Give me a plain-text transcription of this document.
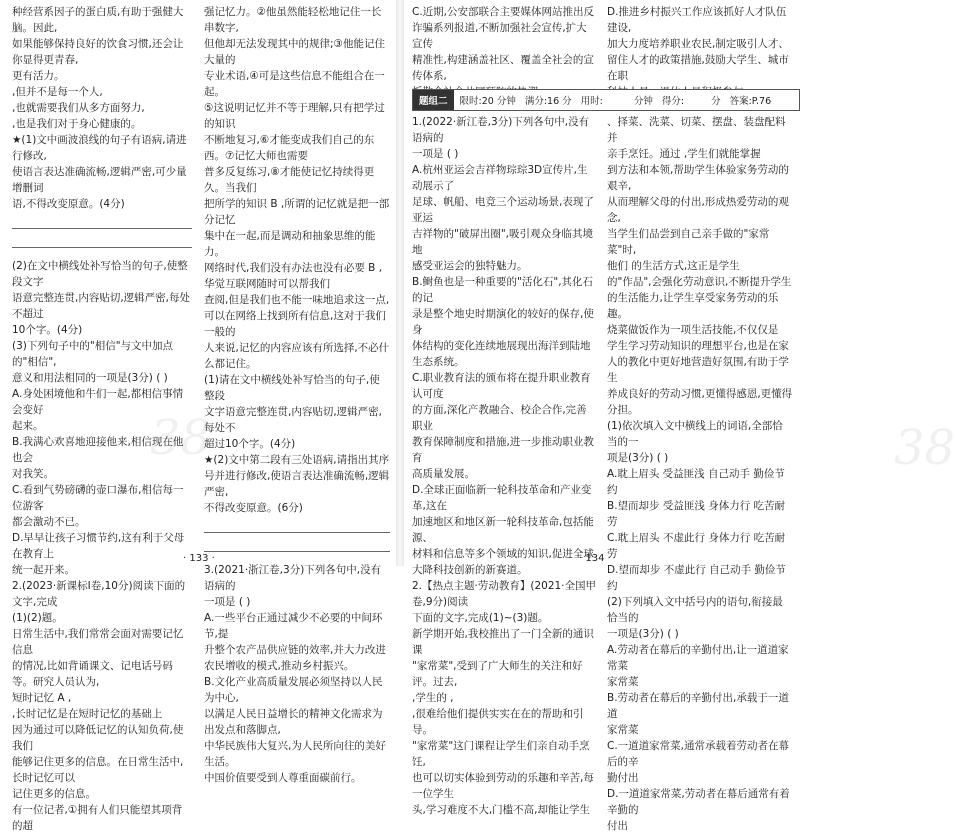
种经营系因子的蛋白质,有助于强健大脑。因此,

如果能够保持良好的饮食习惯,还会让你显得更青春,

更有活力。

,但并不是每一个人,

,也就需要我们从多方面努力,

,也是我们对于身心健康的。

★(1)文中画波浪线的句子有语病,请进行修改,

使语言表达准确流畅,逻辑严密,可少量增删词

语,不得改变原意。(4分)

(2)在文中横线处补写恰当的句子,使整段文字

语意完整连贯,内容贴切,逻辑严密,每处不超过

10个字。(4分)

(3)下列句子中的"相信"与文中加点的"相信",

意义和用法相同的一项是(3分) ( )

A.身处困境他和牛们一起,都相信事情会变好

起来。

B.我满心欢喜地迎接他来,相信现在他也会

对我笑。

C.看到气势磅礴的壶口瀑布,相信每一位游客

都会激动不已。

D.早早让孩子习惯节约,这有利于父母在教育上

统一起开来。

2.(2023·新课标Ⅰ卷,10分)阅读下面的文字,完成

(1)(2)题。

日常生活中,我们常常会面对需要记忆信息

的情况,比如背诵课文、记电话号码等。研究人员认为,

短时记忆 A ,

,长时记忆是在短时记忆的基础上

因为通过可以降低记忆的认知负荷,使我们

能够记住更多的信息。在日常生活中,长时记忆可以

记住更多的信息。

有一位记者,①拥有人们只能望其项背的超

强记忆力。②他虽然能轻松地记住一长串数字,

但他却无法发现其中的规律;③他能记住大量的

专业术语,④可是这些信息不能组合在一起。

⑤这说明记忆并不等于理解,只有把学过的知识

不断地复习,⑥才能变成我们自己的东西。⑦记忆大师也需要

普多反复练习,⑧才能使记忆持续得更久。当我们

把所学的知识 B ,所谓的记忆就是把一部分记忆

集中在一起,而是调动和抽象思维的能力。

网络时代,我们没有办法也没有必要 B ,

华觉互联网随时可以帮我们

查阅,但是我们也不能一味地追求这一点,

可以在网络上找到所有信息,这对于我们一般的

人来说,记忆的内容应该有所选择,不必什么都记住。

(1)请在文中横线处补写恰当的句子,使整段

文字语意完整连贯,内容贴切,逻辑严密,每处不

超过10个字。(4分)

★(2)文中第二段有三处语病,请指出其序

号并进行修改,使语言表达准确流畅,逻辑严密,

不得改变原意。(6分)

3.(2021·浙江卷,3分)下列各句中,没有语病的

一项是 ( )

A.一些平台正通过减少不必要的中间环节,提

升整个农产品供应链的效率,并大力改进

农民增收的模式,推动乡村振兴。

B.文化产业高质量发展必须坚持以人民为中心,

以满足人民日益增长的精神文化需求为出发点和落脚点,

中华民族伟大复兴,为人民所向往的美好生活。

中国价值要受到人尊重面碳前行。

38
· 133 ·

C.近期,公安部联合主要媒体网站推出反

诈骗系列报道,不断加强社会宣传,扩大宣传

精准性,构建涵盖社区、覆盖全社会的宣传体系,

D.推进乡村振兴工作应该抓好人才队伍建设,

加大力度培养职业农民,制定吸引人才、

留住人才的政策措施,鼓励大学生、城市在职

题组二	限时:20 分钟 满分:16 分 用时:	分钟 得分:	分 答案:P.76

1.(2022·新江卷,3分)下列各句中,没有语病的

一项是 ( )

A.杭州亚运会吉祥物琮琮3D宣传片,生动展示了

足球、帆船、电竞三个运动场景,表现了亚运

吉祥物的"破屏出圈",吸引观众身临其境地

感受亚运会的独特魅力。

B.鲥鱼也是一种重要的"活化石",其化石的记

录是整个地史时期演化的较好的保存,使身

体结构的变化连续地展现出海洋到陆地

生态系统。

C.职业教育法的颁布将在提升职业教育认可度

的方面,深化产教融合、校企合作,完善职业

教育保障制度和措施,进一步推动职业教育

高质量发展。

D.全球正面临新一轮科技革命和产业变革,这在

加速地区和地区新一轮科技革命,包括能源、

材料和信息等多个领域的知识,促进全球

大降科技创新的新赛道。

2.【热点主题·劳动教育】(2021·全国甲卷,9分)阅读

下面的文字,完成(1)~(3)题。

新学期开始,我校推出了一门全新的通识课

"家常菜",受到了广大师生的关注和好评。过去,

,学生的 ,

,很难给他们提供实实在在的帮助和引导。

"家常菜"这门课程让学生们亲自动手烹饪,

也可以切实体验到劳动的乐趣和辛苦,每一位学生

头,学习难度不大,门槛不高,却能让学生

、择菜、洗菜、切菜、摆盘、装盘配料并

亲手烹饪。通过 ,学生们就能掌握

到方法和本领,帮助学生体验家务劳动的艰辛,

从而理解父母的付出,形成热爱劳动的观念,

当学生们品尝到自己亲手做的"家常菜"时,

他们 的生活方式,这正是学生

的"作品",会强化劳动意识,不断提升学生

的生活能力,让学生享受家务劳动的乐趣。

烧菜做饭作为一项生活技能,不仅仅是

学生学习劳动知识的理想平台,也是在家

人的教化中更好地营造好氛围,有助于学生

养成良好的劳动习惯,更懂得感恩,更懂得

分担。

(1)依次填入文中横线上的词语,全部恰当的一

项是(3分) ( )

A.耽上眉头 受益匪浅 自己动手 勤俭节约

B.望而却步 受益匪浅 身体力行 吃苦耐劳

C.耽上眉头 不虚此行 身体力行 吃苦耐劳

D.望而却步 不虚此行 自己动手 勤俭节约

(2)下列填入文中括号内的语句,衔接最恰当的

一项是(3分) ( )

A.劳动者在幕后的辛勤付出,让一道道家常菜

家常菜

B.劳动者在幕后的辛勤付出,承载于一道道

家常菜

C.一道道家常菜,通常承载着劳动者在幕后的辛

勤付出

D.一道道家常菜,劳动者在幕后通常有着辛勤的

付出

38
· 134 ·
